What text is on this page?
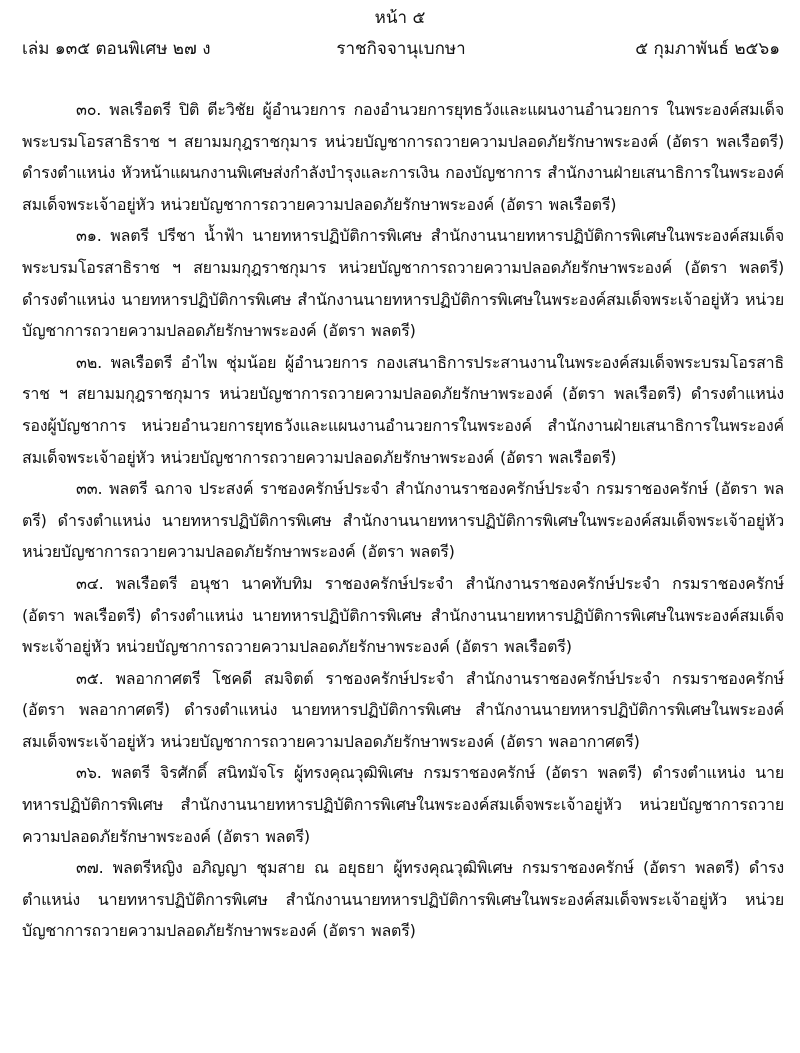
หน้า ๕
ราชกิจจานุเบกษา
เล่ม ๑๓๕ ตอนพิเศษ ๒๗ ง	๕ กุมภาพันธ์ ๒๕๖๑

๓๐. พลเรือตรี ปิติ ตีะวิชัย ผู้อำนวยการ กองอำนวยการยุทธวังและแผนงานอำนวยการ ในพระองค์สมเด็จพระบรมโอรสาธิราช ฯ สยามมกุฎราชกุมาร หน่วยบัญชาการถวายความปลอดภัยรักษาพระองค์ (อัตรา พลเรือตรี) ดำรงตำแหน่ง หัวหน้าแผนกงานพิเศษส่งกำลังบำรุงและการเงิน กองบัญชาการ สำนักงานฝ่ายเสนาธิการในพระองค์สมเด็จพระเจ้าอยู่หัว หน่วยบัญชาการถวายความปลอดภัยรักษาพระองค์ (อัตรา พลเรือตรี)

๓๑. พลตรี ปรีชา น้ำฟ้า นายทหารปฏิบัติการพิเศษ สำนักงานนายทหารปฏิบัติการพิเศษในพระองค์สมเด็จพระบรมโอรสาธิราช ฯ สยามมกุฎราชกุมาร หน่วยบัญชาการถวายความปลอดภัยรักษาพระองค์ (อัตรา พลตรี) ดำรงตำแหน่ง นายทหารปฏิบัติการพิเศษ สำนักงานนายทหารปฏิบัติการพิเศษในพระองค์สมเด็จพระเจ้าอยู่หัว หน่วยบัญชาการถวายความปลอดภัยรักษาพระองค์ (อัตรา พลตรี)

๓๒. พลเรือตรี อำไพ ชุ่มน้อย ผู้อำนวยการ กองเสนาธิการประสานงานในพระองค์สมเด็จพระบรมโอรสาธิราช ฯ สยามมกุฎราชกุมาร หน่วยบัญชาการถวายความปลอดภัยรักษาพระองค์ (อัตรา พลเรือตรี) ดำรงตำแหน่ง รองผู้บัญชาการ หน่วยอำนวยการยุทธวังและแผนงานอำนวยการในพระองค์ สำนักงานฝ่ายเสนาธิการในพระองค์สมเด็จพระเจ้าอยู่หัว หน่วยบัญชาการถวายความปลอดภัยรักษาพระองค์ (อัตรา พลเรือตรี)

๓๓. พลตรี ฉกาจ ประสงค์ ราชองครักษ์ประจำ สำนักงานราชองครักษ์ประจำ กรมราชองครักษ์ (อัตรา พลตรี) ดำรงตำแหน่ง นายทหารปฏิบัติการพิเศษ สำนักงานนายทหารปฏิบัติการพิเศษในพระองค์สมเด็จพระเจ้าอยู่หัว หน่วยบัญชาการถวายความปลอดภัยรักษาพระองค์ (อัตรา พลตรี)

๓๔. พลเรือตรี อนุชา นาคทับทิม ราชองครักษ์ประจำ สำนักงานราชองครักษ์ประจำ กรมราชองครักษ์ (อัตรา พลเรือตรี) ดำรงตำแหน่ง นายทหารปฏิบัติการพิเศษ สำนักงานนายทหารปฏิบัติการพิเศษในพระองค์สมเด็จพระเจ้าอยู่หัว หน่วยบัญชาการถวายความปลอดภัยรักษาพระองค์ (อัตรา พลเรือตรี)

๓๕. พลอากาศตรี โชคดี สมจิตต์ ราชองครักษ์ประจำ สำนักงานราชองครักษ์ประจำ กรมราชองครักษ์ (อัตรา พลอากาศตรี) ดำรงตำแหน่ง นายทหารปฏิบัติการพิเศษ สำนักงานนายทหารปฏิบัติการพิเศษในพระองค์สมเด็จพระเจ้าอยู่หัว หน่วยบัญชาการถวายความปลอดภัยรักษาพระองค์ (อัตรา พลอากาศตรี)

๓๖. พลตรี จิรศักดิ์ สนิทมัจโร ผู้ทรงคุณวุฒิพิเศษ กรมราชองครักษ์ (อัตรา พลตรี) ดำรงตำแหน่ง นายทหารปฏิบัติการพิเศษ สำนักงานนายทหารปฏิบัติการพิเศษในพระองค์สมเด็จพระเจ้าอยู่หัว หน่วยบัญชาการถวายความปลอดภัยรักษาพระองค์ (อัตรา พลตรี)

๓๗. พลตรีหญิง อภิญญา ชุมสาย ณ อยุธยา ผู้ทรงคุณวุฒิพิเศษ กรมราชองครักษ์ (อัตรา พลตรี) ดำรงตำแหน่ง นายทหารปฏิบัติการพิเศษ สำนักงานนายทหารปฏิบัติการพิเศษในพระองค์สมเด็จพระเจ้าอยู่หัว หน่วยบัญชาการถวายความปลอดภัยรักษาพระองค์ (อัตรา พลตรี)
